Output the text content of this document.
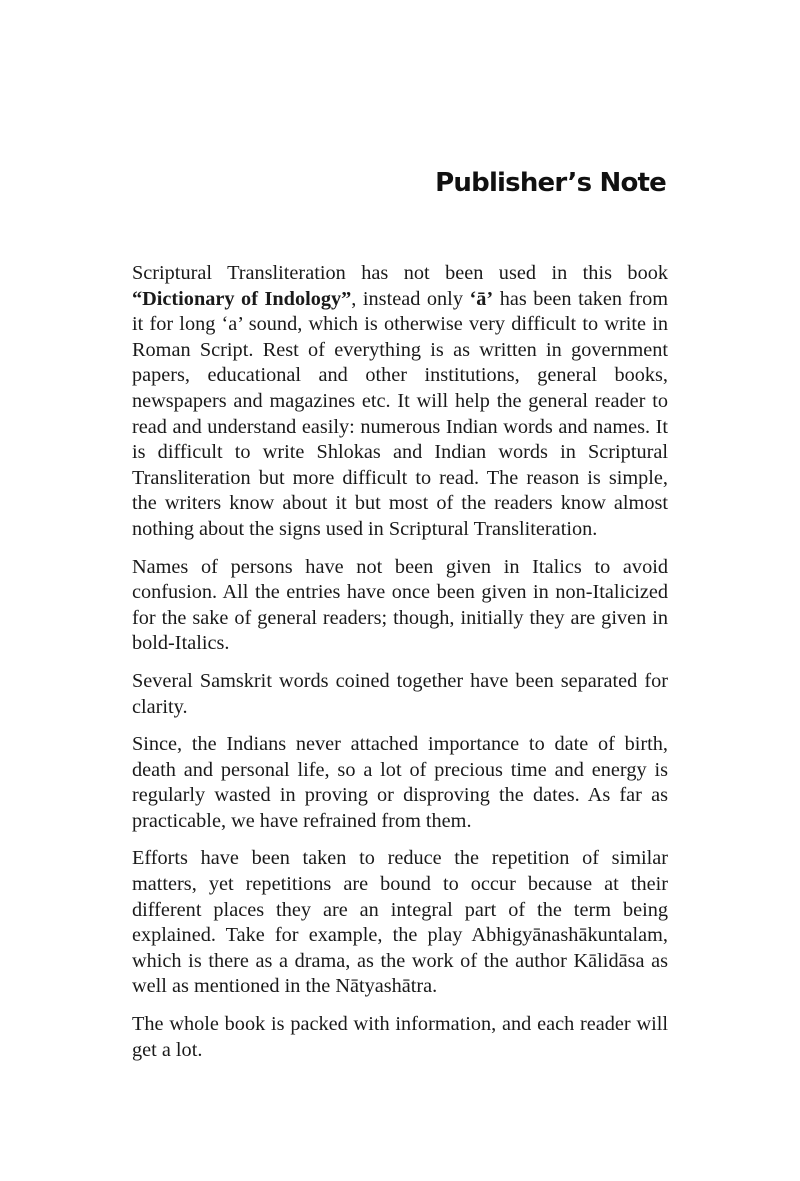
Publisher’s Note

Scriptural Transliteration has not been used in this book “Dictionary of Indology”, instead only ‘ā’ has been taken from it for long ‘a’ sound, which is otherwise very difficult to write in Roman Script. Rest of everything is as written in government papers, educational and other institutions, general books, newspapers and magazines etc. It will help the general reader to read and understand easily: numerous Indian words and names. It is difficult to write Shlokas and Indian words in Scriptural Transliteration but more difficult to read. The reason is simple, the writers know about it but most of the readers know almost nothing about the signs used in Scriptural Transliteration.

Names of persons have not been given in Italics to avoid confusion. All the entries have once been given in non-Italicized for the sake of general readers; though, initially they are given in bold-Italics.

Several Samskrit words coined together have been separated for clarity.

Since, the Indians never attached importance to date of birth, death and personal life, so a lot of precious time and energy is regularly wasted in proving or disproving the dates. As far as practicable, we have refrained from them.

Efforts have been taken to reduce the repetition of similar matters, yet repetitions are bound to occur because at their different places they are an integral part of the term being explained. Take for example, the play Abhigyānashākuntalam, which is there as a drama, as the work of the author Kālidāsa as well as mentioned in the Nātyashātra.

The whole book is packed with information, and each reader will get a lot.
